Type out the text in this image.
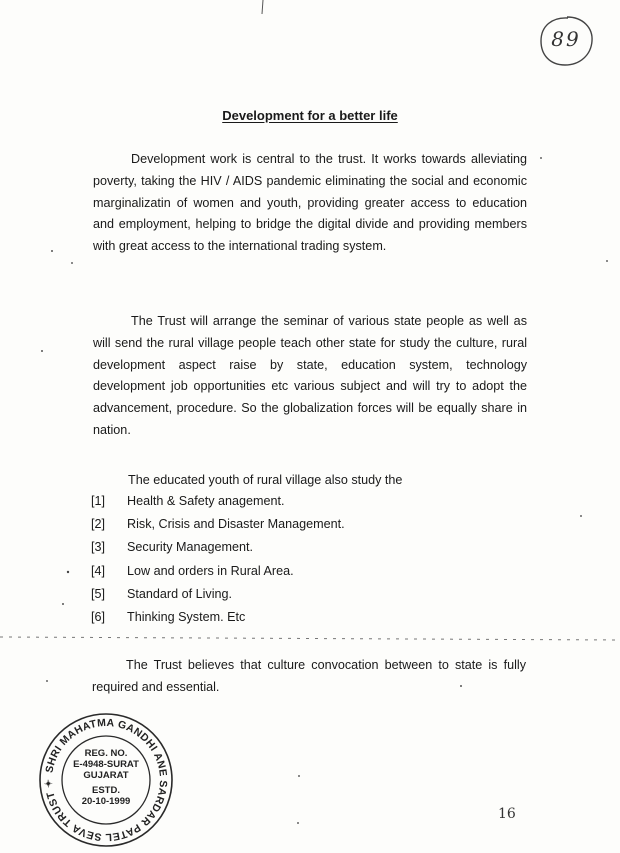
89
Development for a better life

Development work is central to the trust. It works towards alleviating poverty, taking the HIV / AIDS pandemic eliminating the social and economic marginalizatin of women and youth, providing greater access to education and employment, helping to bridge the digital divide and providing members with great access to the international trading system.

The Trust will arrange the seminar of various state people as well as will send the rural village people teach other state for study the culture, rural development aspect raise by state, education system, technology development job opportunities etc various subject and will try to adopt the advancement, procedure. So the globalization forces will be equally share in nation.

The educated youth of rural village also study the

[1] Health & Safety anagement.
[2] Risk, Crisis and Disaster Management.
[3] Security Management.
[4] Low and orders in Rural Area.
[5] Standard of Living.
[6] Thinking System. Etc

The Trust believes that culture convocation between to state is fully required and essential.

SHRI MAHATMA GANDHI ANE SARDAR PATEL SEVA TRUST ✦
REG. NO.
E-4948-SURAT
GUJARAT
ESTD.
20-10-1999
16
